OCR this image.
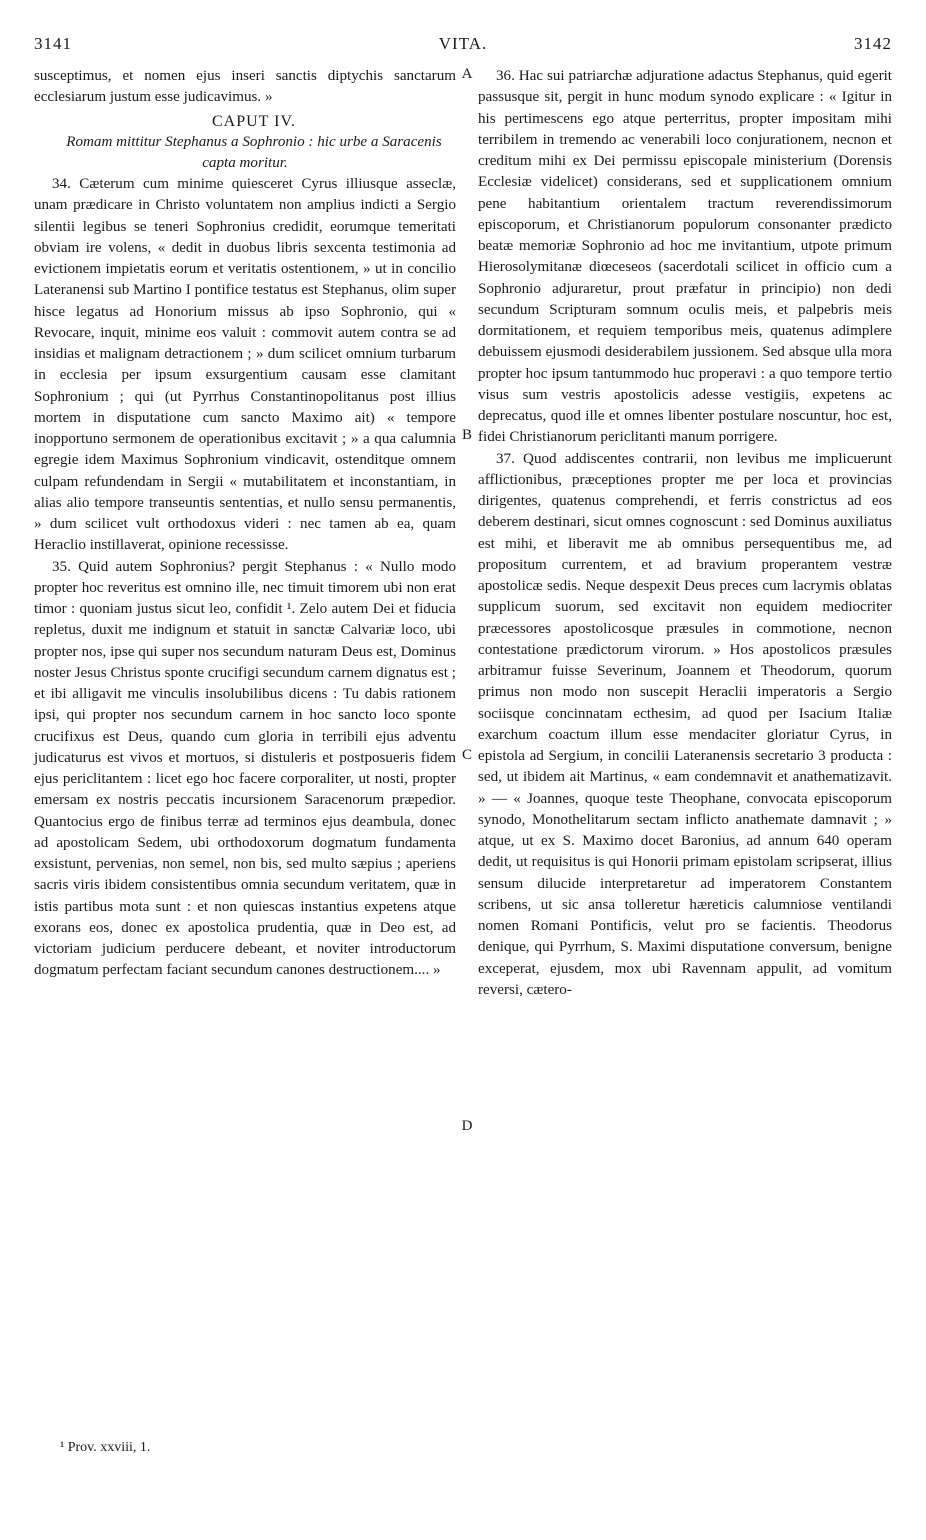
3141	VITA.	3142

susceptimus, et nomen ejus inseri sanctis diptychis sanctarum ecclesiarum justum esse judicavimus. »

CAPUT IV.

Romam mittitur Stephanus a Sophronio : hic urbe a Saracenis capta moritur.

34. Cæterum cum minime quiesceret Cyrus illiusque asseclæ, unam prædicare in Christo voluntatem non amplius indicti a Sergio silentii legibus se teneri Sophronius credidit, eorumque temeritati obviam ire volens, « dedit in duobus libris sexcenta testimonia ad evictionem impietatis eorum et veritatis ostentionem, » ut in concilio Lateranensi sub Martino I pontifice testatus est Stephanus, olim super hisce legatus ad Honorium missus ab ipso Sophronio, qui « Revocare, inquit, minime eos valuit : commovit autem contra se ad insidias et malignam detractionem ; » dum scilicet omnium turbarum in ecclesia per ipsum exsurgentium causam esse clamitant Sophronium ; qui (ut Pyrrhus Constantinopolitanus post illius mortem in disputatione cum sancto Maximo ait) « tempore inopportuno sermonem de operationibus excitavit ; » a qua calumnia egregie idem Maximus Sophronium vindicavit, ostenditque omnem culpam refundendam in Sergii « mutabilitatem et inconstantiam, in alias alio tempore transeuntis sententias, et nullo sensu permanentis, » dum scilicet vult orthodoxus videri : nec tamen ab ea, quam Heraclio instillaverat, opinione recessisse.

35. Quid autem Sophronius? pergit Stephanus : « Nullo modo propter hoc reveritus est omnino ille, nec timuit timorem ubi non erat timor : quoniam justus sicut leo, confidit ¹. Zelo autem Dei et fiducia repletus, duxit me indignum et statuit in sanctæ Calvariæ loco, ubi propter nos, ipse qui super nos secundum naturam Deus est, Dominus noster Jesus Christus sponte crucifigi secundum carnem dignatus est ; et ibi alligavit me vinculis insolubilibus dicens : Tu dabis rationem ipsi, qui propter nos secundum carnem in hoc sancto loco sponte crucifixus est Deus, quando cum gloria in terribili ejus adventu judicaturus est vivos et mortuos, si distuleris et postposueris fidem ejus periclitantem : licet ego hoc facere corporaliter, ut nosti, propter emersam ex nostris peccatis incursionem Saracenorum præpedior. Quantocius ergo de finibus terræ ad terminos ejus deambula, donec ad apostolicam Sedem, ubi orthodoxorum dogmatum fundamenta exsistunt, pervenias, non semel, non bis, sed multo sæpius ; aperiens sacris viris ibidem consistentibus omnia secundum veritatem, quæ in istis partibus mota sunt : et non quiescas instantius expetens atque exorans eos, donec ex apostolica prudentia, quæ in Deo est, ad victoriam judicium perducere debeant, et noviter introductorum dogmatum perfectam faciant secundum canones destructionem.... »

36. Hac sui patriarchæ adjuratione adactus Stephanus, quid egerit passusque sit, pergit in hunc modum synodo explicare : « Igitur in his pertimescens ego atque perterritus, propter impositam mihi terribilem in tremendo ac venerabili loco conjurationem, necnon et creditum mihi ex Dei permissu episcopale ministerium (Dorensis Ecclesiæ videlicet) considerans, sed et supplicationem omnium pene habitantium orientalem tractum reverendissimorum episcoporum, et Christianorum populorum consonanter prædicto beatæ memoriæ Sophronio ad hoc me invitantium, utpote primum Hierosolymitanæ diœceseos (sacerdotali scilicet in officio cum a Sophronio adjuraretur, prout præfatur in principio) non dedi secundum Scripturam somnum oculis meis, et palpebris meis dormitationem, et requiem temporibus meis, quatenus adimplere debuissem ejusmodi desiderabilem jussionem. Sed absque ulla mora propter hoc ipsum tantummodo huc properavi : a quo tempore tertio visus sum vestris apostolicis adesse vestigiis, expetens ac deprecatus, quod ille et omnes libenter postulare noscuntur, hoc est, fidei Christianorum periclitanti manum porrigere.

37. Quod addiscentes contrarii, non levibus me implicuerunt afflictionibus, præceptiones propter me per loca et provincias dirigentes, quatenus comprehendi, et ferris constrictus ad eos deberem destinari, sicut omnes cognoscunt : sed Dominus auxiliatus est mihi, et liberavit me ab omnibus persequentibus me, ad propositum currentem, et ad bravium properantem vestræ apostolicæ sedis. Neque despexit Deus preces cum lacrymis oblatas supplicum suorum, sed excitavit non equidem mediocriter præcessores apostolicosque præsules in commotione, necnon contestatione prædictorum virorum. » Hos apostolicos præsules arbitramur fuisse Severinum, Joannem et Theodorum, quorum primus non modo non suscepit Heraclii imperatoris a Sergio sociisque concinnatam ecthesim, ad quod per Isacium Italiæ exarchum coactum illum esse mendaciter gloriatur Cyrus, in epistola ad Sergium, in concilii Lateranensis secretario 3 producta : sed, ut ibidem ait Martinus, « eam condemnavit et anathematizavit. » — « Joannes, quoque teste Theophane, convocata episcoporum synodo, Monothelitarum sectam inflicto anathemate damnavit ; » atque, ut ex S. Maximo docet Baronius, ad annum 640 operam dedit, ut requisitus is qui Honorii primam epistolam scripserat, illius sensum dilucide interpretaretur ad imperatorem Constantem scribens, ut sic ansa tolleretur hæreticis calumniose ventilandi nomen Romani Pontificis, velut pro se facientis. Theodorus denique, qui Pyrrhum, S. Maximi disputatione conversum, benigne exceperat, ejusdem, mox ubi Ravennam appulit, ad vomitum reversi, cætero-

A
B
C
D
¹ Prov. xxviii, 1.
